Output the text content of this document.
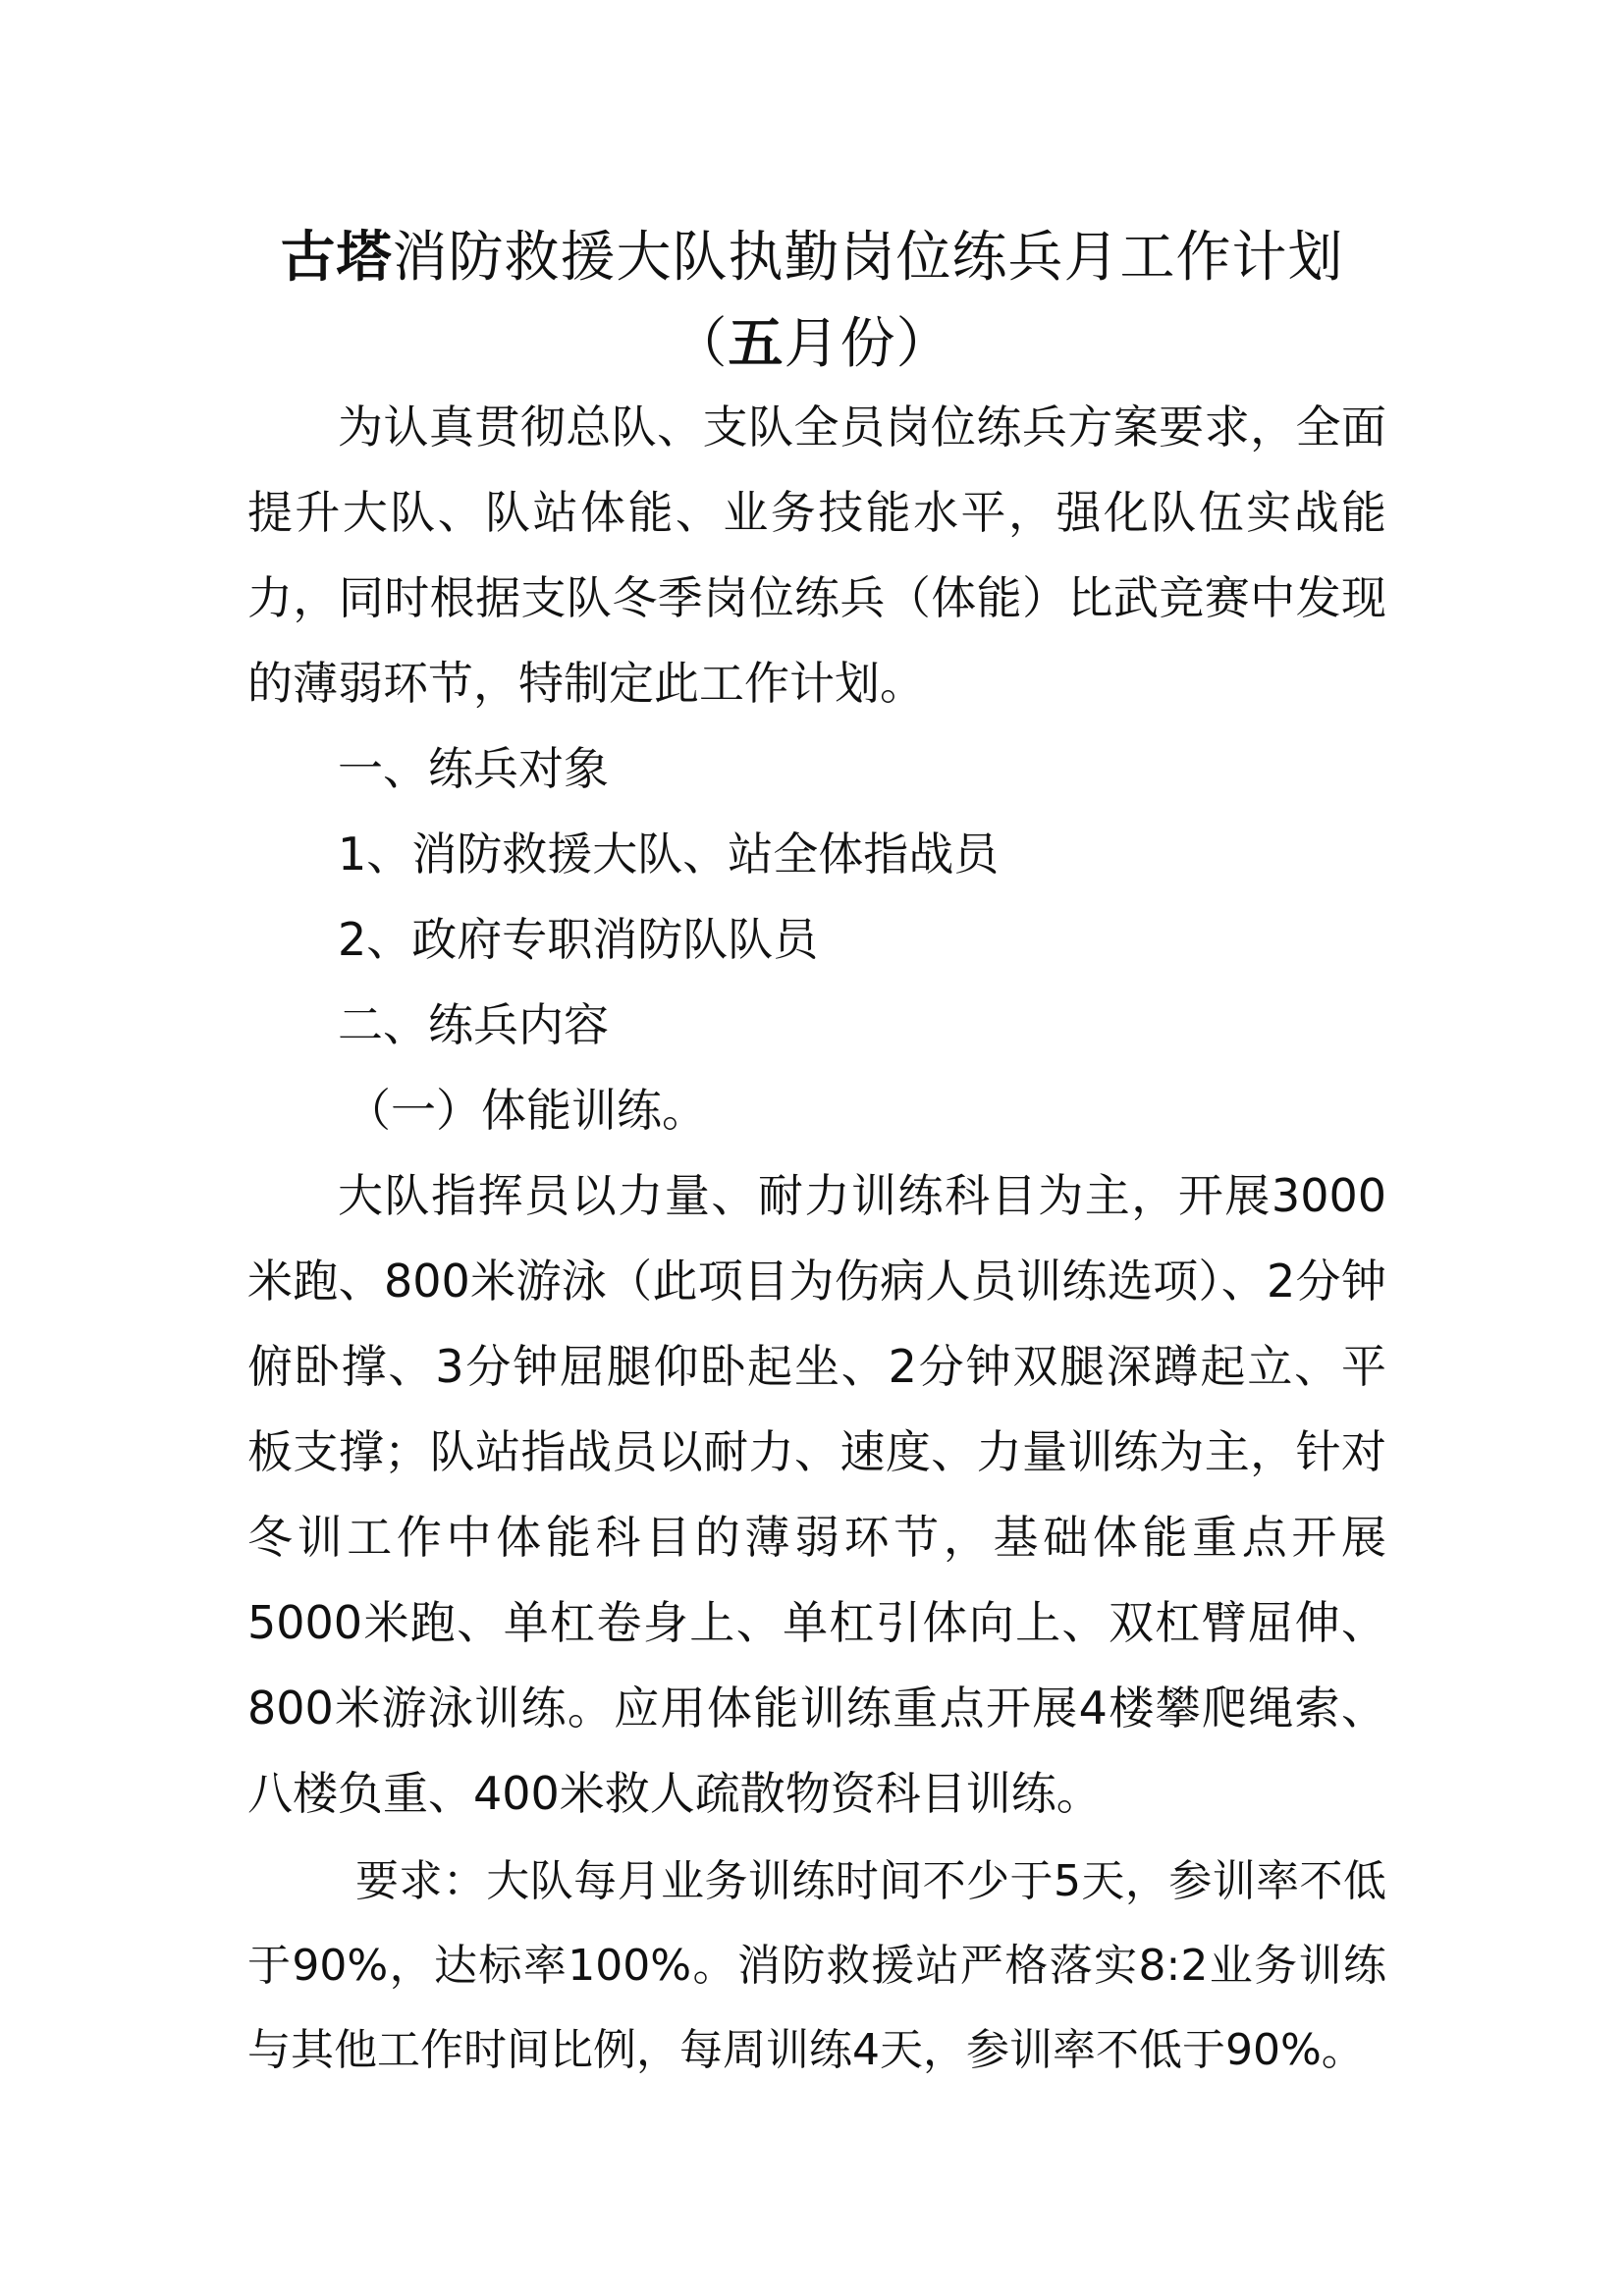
古塔消防救援大队执勤岗位练兵月工作计划
（五月份）

为认真贯彻总队、支队全员岗位练兵方案要求，全面提升大队、队站体能、业务技能水平，强化队伍实战能力，同时根据支队冬季岗位练兵（体能）比武竞赛中发现的薄弱环节，特制定此工作计划。

一、练兵对象

1、消防救援大队、站全体指战员

2、政府专职消防队队员

二、练兵内容

（一）体能训练。

大队指挥员以力量、耐力训练科目为主，开展3000米跑、800米游泳（此项目为伤病人员训练选项）、2分钟俯卧撑、3分钟屈腿仰卧起坐、2分钟双腿深蹲起立、平板支撑；队站指战员以耐力、速度、力量训练为主，针对冬训工作中体能科目的薄弱环节，基础体能重点开展5000米跑、单杠卷身上、单杠引体向上、双杠臂屈伸、800米游泳训练。应用体能训练重点开展4楼攀爬绳索、八楼负重、400米救人疏散物资科目训练。

要求：大队每月业务训练时间不少于5天，参训率不低于90%，达标率100%。消防救援站严格落实8:2业务训练与其他工作时间比例，每周训练4天，参训率不低于90%。
